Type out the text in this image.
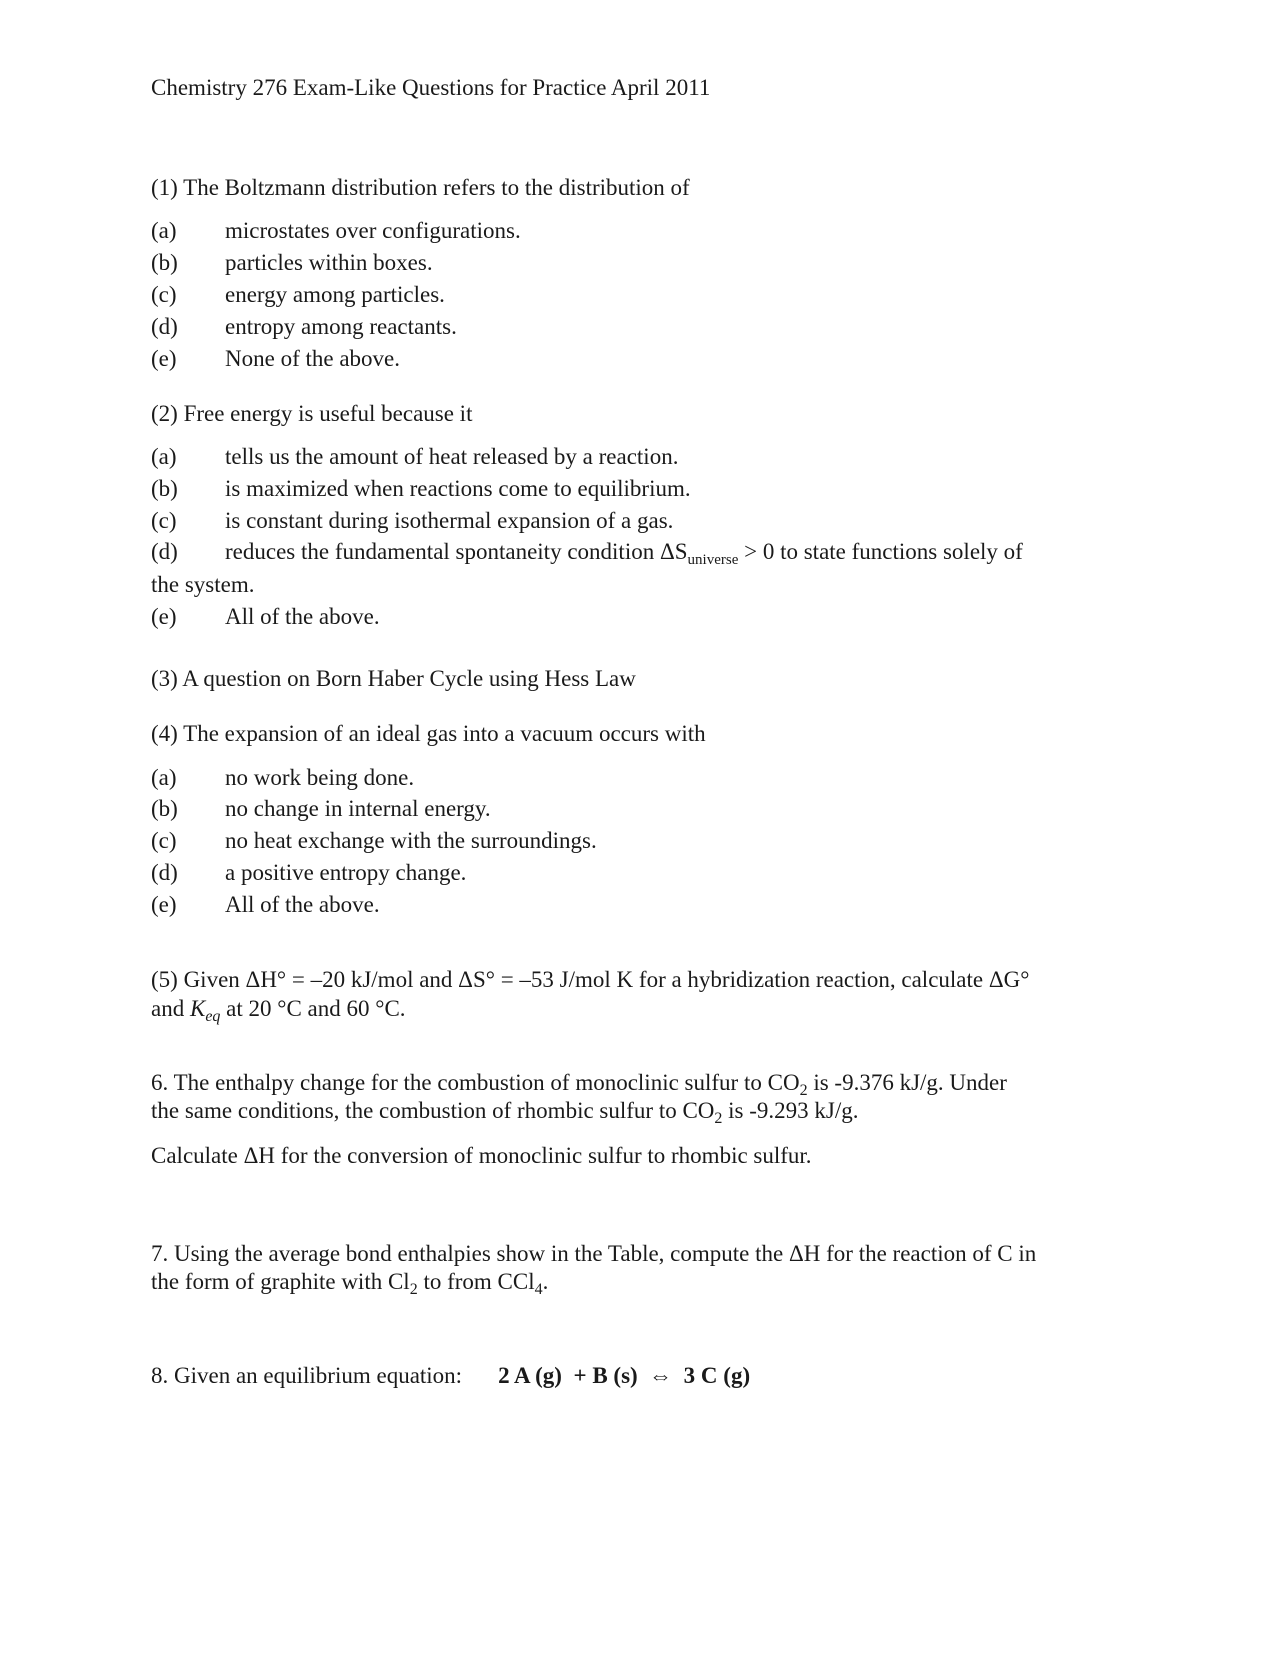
Chemistry 276 Exam-Like Questions for Practice April 2011
(1) The Boltzmann distribution refers to the distribution of
(a) microstates over configurations.
(b) particles within boxes.
(c) energy among particles.
(d) entropy among reactants.
(e) None of the above.
(2) Free energy is useful because it
(a) tells us the amount of heat released by a reaction.
(b) is maximized when reactions come to equilibrium.
(c) is constant during isothermal expansion of a gas.
(d) reduces the fundamental spontaneity condition $\Delta S_{universe} > 0$ to state functions solely of
the system.
(e) All of the above.
(3) A question on Born Haber Cycle using Hess Law
(4) The expansion of an ideal gas into a vacuum occurs with
(a) no work being done.
(b) no change in internal energy.
(c) no heat exchange with the surroundings.
(d) a positive entropy change.
(e) All of the above.
(5) Given ΔH° = –20 kJ/mol and ΔS° = –53 J/mol K for a hybridization reaction, calculate ΔG°
and $K_{eq}$ at 20 °C and 60 °C.
6. The enthalpy change for the combustion of monoclinic sulfur to $CO_2$ is -9.376 kJ/g. Under
the same conditions, the combustion of rhombic sulfur to $CO_2$ is -9.293 kJ/g.
Calculate ΔH for the conversion of monoclinic sulfur to rhombic sulfur.
7. Using the average bond enthalpies show in the Table, compute the ΔH for the reaction of C in
the form of graphite with $Cl_2$ to from CCl$_4$.
8. Given an equilibrium equation: 2 A (g)  + B (s)  ⇔  3 C (g)
